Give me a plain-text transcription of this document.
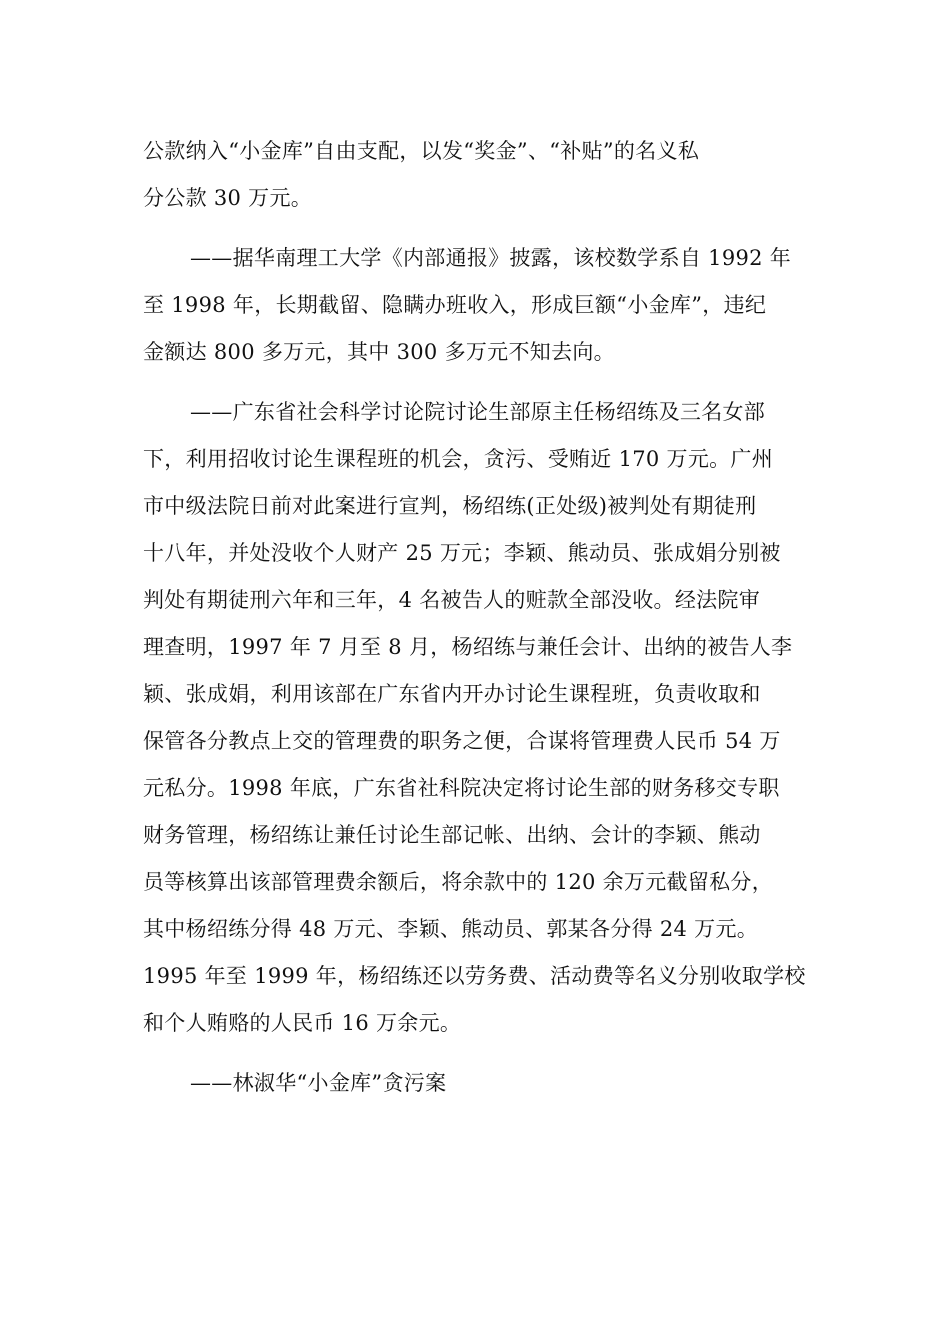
公款纳入“小金库”自由支配，以发“奖金”、“补贴”的名义私
分公款 30 万元。
——据华南理工大学《内部通报》披露，该校数学系自 1992 年
至 1998 年，长期截留、隐瞒办班收入，形成巨额“小金库”，违纪
金额达 800 多万元，其中 300 多万元不知去向。
——广东省社会科学讨论院讨论生部原主任杨绍练及三名女部
下，利用招收讨论生课程班的机会，贪污、受贿近 170 万元。广州
市中级法院日前对此案进行宣判，杨绍练(正处级)被判处有期徒刑
十八年，并处没收个人财产 25 万元；李颖、熊动员、张成娟分别被
判处有期徒刑六年和三年，4 名被告人的赃款全部没收。经法院审
理查明，1997 年 7 月至 8 月，杨绍练与兼任会计、出纳的被告人李
颖、张成娟，利用该部在广东省内开办讨论生课程班，负责收取和
保管各分教点上交的管理费的职务之便，合谋将管理费人民币 54 万
元私分。1998 年底，广东省社科院决定将讨论生部的财务移交专职
财务管理，杨绍练让兼任讨论生部记帐、出纳、会计的李颖、熊动
员等核算出该部管理费余额后，将余款中的 120 余万元截留私分，
其中杨绍练分得 48 万元、李颖、熊动员、郭某各分得 24 万元。
1995 年至 1999 年，杨绍练还以劳务费、活动费等名义分别收取学校
和个人贿赂的人民币 16 万余元。
——林淑华“小金库”贪污案
